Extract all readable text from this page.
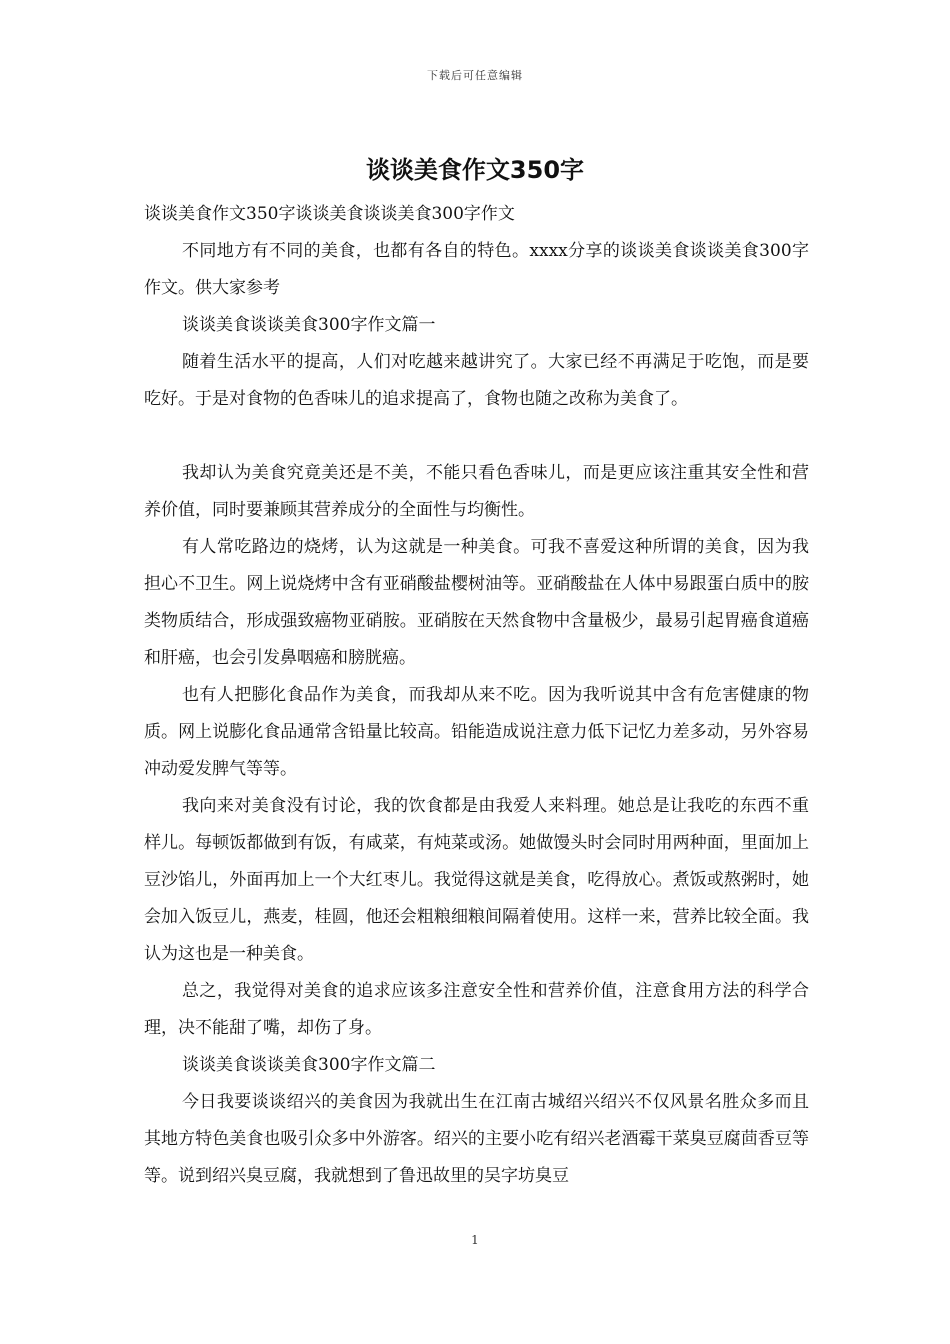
下载后可任意编辑
谈谈美食作文350字

谈谈美食作文350字谈谈美食谈谈美食300字作文

不同地方有不同的美食，也都有各自的特色。xxxx分享的谈谈美食谈谈美食300字作文。供大家参考

谈谈美食谈谈美食300字作文篇一

随着生活水平的提高，人们对吃越来越讲究了。大家已经不再满足于吃饱，而是要吃好。于是对食物的色香味儿的追求提高了，食物也随之改称为美食了。

我却认为美食究竟美还是不美，不能只看色香味儿，而是更应该注重其安全性和营养价值，同时要兼顾其营养成分的全面性与均衡性。

有人常吃路边的烧烤，认为这就是一种美食。可我不喜爱这种所谓的美食，因为我担心不卫生。网上说烧烤中含有亚硝酸盐樱树油等。亚硝酸盐在人体中易跟蛋白质中的胺类物质结合，形成强致癌物亚硝胺。亚硝胺在天然食物中含量极少，最易引起胃癌食道癌和肝癌，也会引发鼻咽癌和膀胱癌。

也有人把膨化食品作为美食，而我却从来不吃。因为我听说其中含有危害健康的物质。网上说膨化食品通常含铅量比较高。铅能造成说注意力低下记忆力差多动，另外容易冲动爱发脾气等等。

我向来对美食没有讨论，我的饮食都是由我爱人来料理。她总是让我吃的东西不重样儿。每顿饭都做到有饭，有咸菜，有炖菜或汤。她做馒头时会同时用两种面，里面加上豆沙馅儿，外面再加上一个大红枣儿。我觉得这就是美食，吃得放心。煮饭或熬粥时，她会加入饭豆儿，燕麦，桂圆，他还会粗粮细粮间隔着使用。这样一来，营养比较全面。我认为这也是一种美食。

总之，我觉得对美食的追求应该多注意安全性和营养价值，注意食用方法的科学合理，决不能甜了嘴，却伤了身。

谈谈美食谈谈美食300字作文篇二

今日我要谈谈绍兴的美食因为我就出生在江南古城绍兴绍兴不仅风景名胜众多而且其地方特色美食也吸引众多中外游客。绍兴的主要小吃有绍兴老酒霉干菜臭豆腐茴香豆等等。说到绍兴臭豆腐，我就想到了鲁迅故里的吴字坊臭豆

1
